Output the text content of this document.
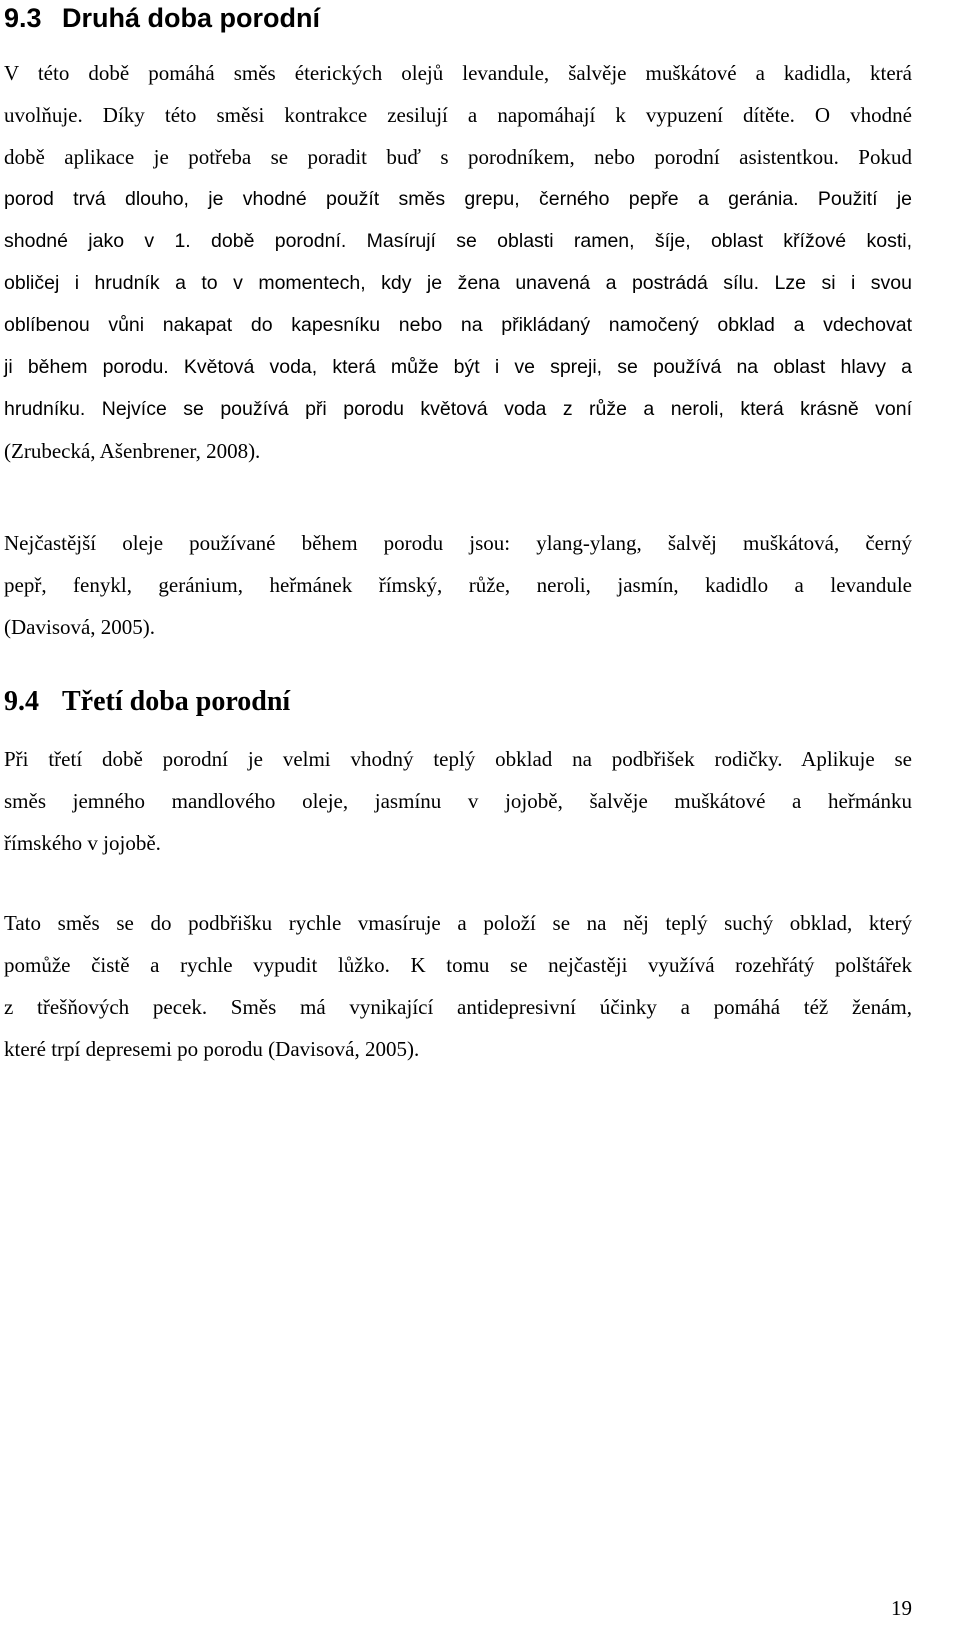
9.3 Druhá doba porodní
V této době pomáhá směs éterických olejů levandule, šalvěje muškátové a kadidla, která
uvolňuje. Díky této směsi kontrakce zesilují a napomáhají k vypuzení dítěte. O vhodné
době aplikace je potřeba se poradit buď s porodníkem, nebo porodní asistentkou. Pokud
porod trvá dlouho, je vhodné použít směs grepu, černého pepře a geránia. Použití je
shodné jako v 1. době porodní. Masírují se oblasti ramen, šíje, oblast křížové kosti,
obličej i hrudník a to v momentech, kdy je žena unavená a postrádá sílu. Lze si i svou
oblíbenou vůni nakapat do kapesníku nebo na přikládaný namočený obklad a vdechovat
ji během porodu. Květová voda, která může být i ve spreji, se používá na oblast hlavy a
hrudníku. Nejvíce se používá při porodu květová voda z růže a neroli, která krásně voní
(Zrubecká, Ašenbrener, 2008).
Nejčastější oleje používané během porodu jsou: ylang-ylang, šalvěj muškátová, černý
pepř, fenykl, geránium, heřmánek římský, růže, neroli, jasmín, kadidlo a levandule
(Davisová, 2005).
9.4 Třetí doba porodní
Při třetí době porodní je velmi vhodný teplý obklad na podbřišek rodičky. Aplikuje se
směs jemného mandlového oleje, jasmínu v jojobě, šalvěje muškátové a heřmánku
římského v jojobě.
Tato směs se do podbřišku rychle vmasíruje a položí se na něj teplý suchý obklad, který
pomůže čistě a rychle vypudit lůžko. K tomu se nejčastěji využívá rozehřátý polštářek
z třešňových pecek. Směs má vynikající antidepresivní účinky a pomáhá též ženám,
které trpí depresemi po porodu (Davisová, 2005).

19
